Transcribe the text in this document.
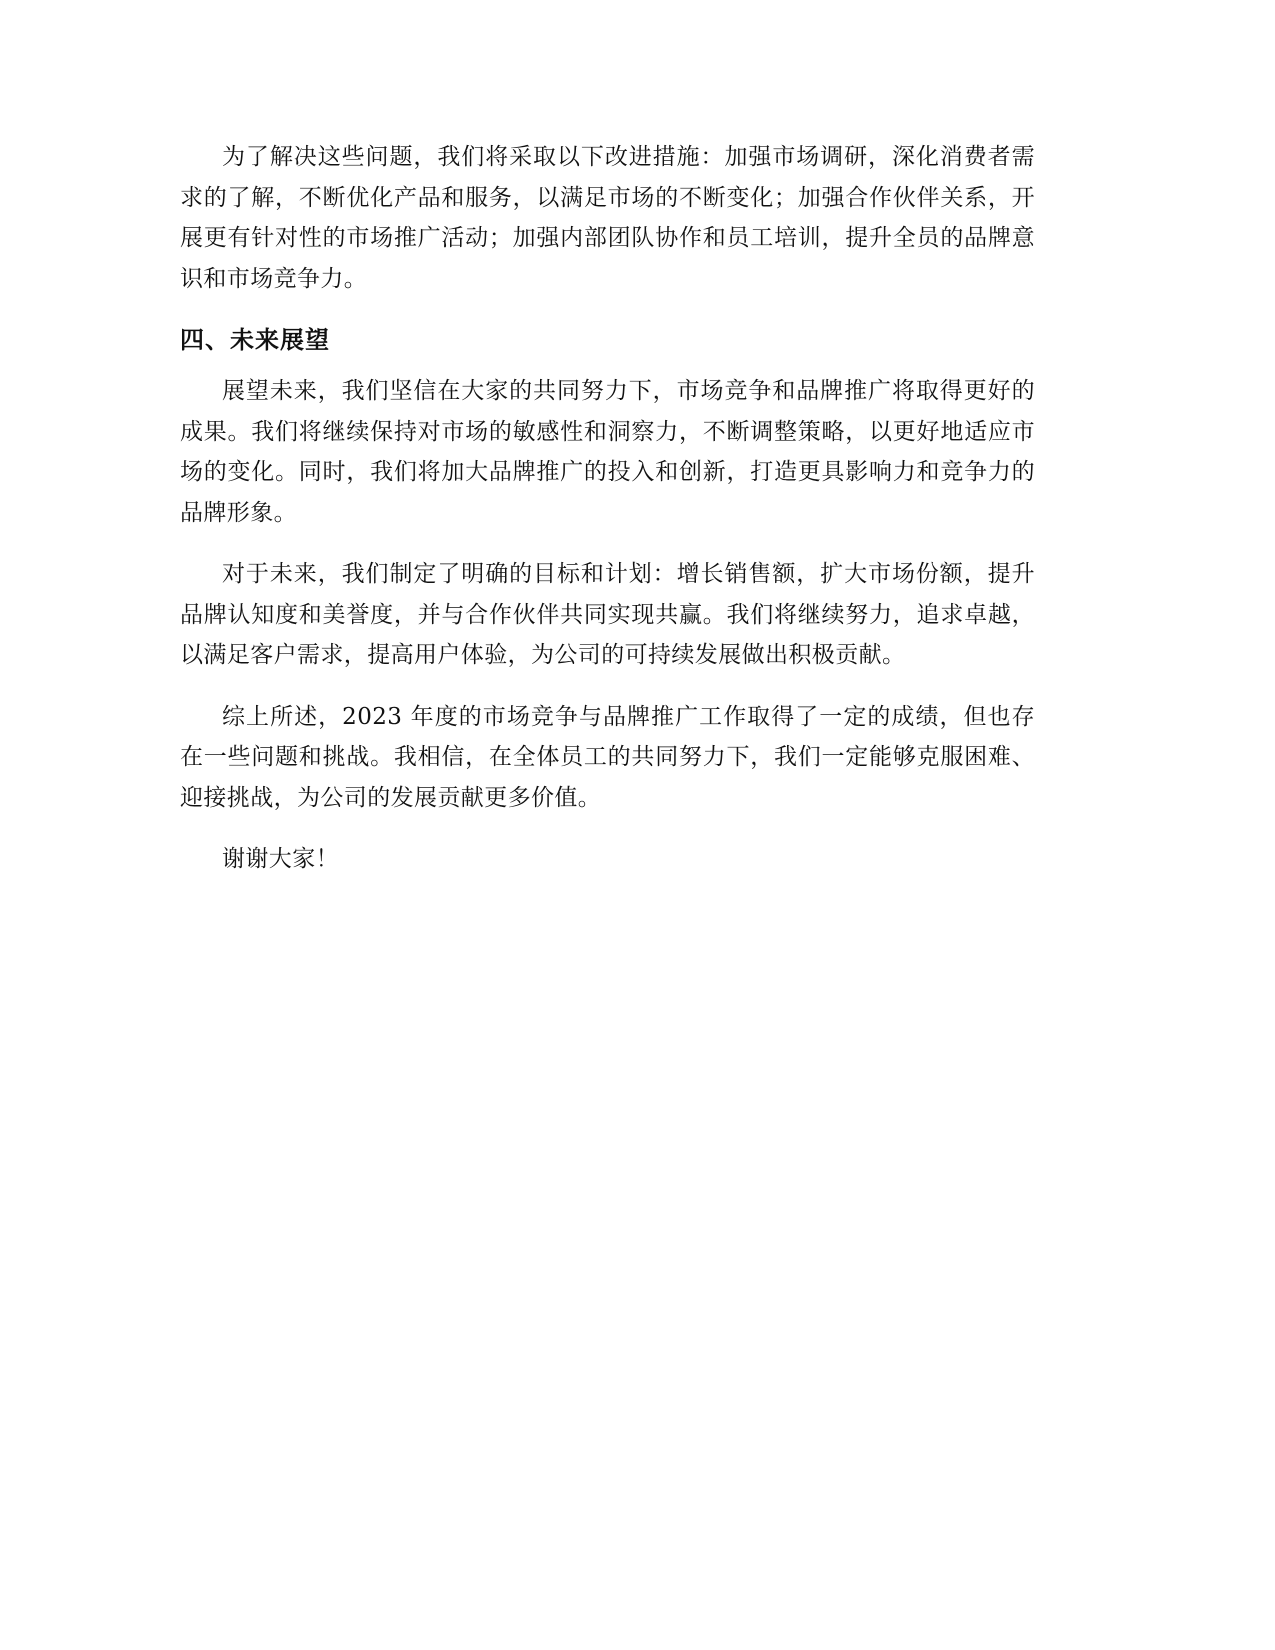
为了解决这些问题，我们将采取以下改进措施：加强市场调研，深化消费者需求的了解，不断优化产品和服务，以满足市场的不断变化；加强合作伙伴关系，开展更有针对性的市场推广活动；加强内部团队协作和员工培训，提升全员的品牌意识和市场竞争力。

四、未来展望

展望未来，我们坚信在大家的共同努力下，市场竞争和品牌推广将取得更好的成果。我们将继续保持对市场的敏感性和洞察力，不断调整策略，以更好地适应市场的变化。同时，我们将加大品牌推广的投入和创新，打造更具影响力和竞争力的品牌形象。

对于未来，我们制定了明确的目标和计划：增长销售额，扩大市场份额，提升品牌认知度和美誉度，并与合作伙伴共同实现共赢。我们将继续努力，追求卓越，以满足客户需求，提高用户体验，为公司的可持续发展做出积极贡献。

综上所述，2023 年度的市场竞争与品牌推广工作取得了一定的成绩，但也存在一些问题和挑战。我相信，在全体员工的共同努力下，我们一定能够克服困难、迎接挑战，为公司的发展贡献更多价值。

谢谢大家！
